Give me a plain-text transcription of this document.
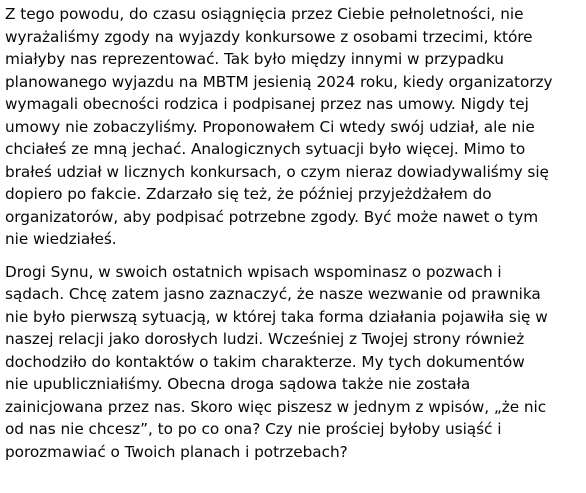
Z tego powodu, do czasu osiągnięcia przez Ciebie pełnoletności, nie
wyrażaliśmy zgody na wyjazdy konkursowe z osobami trzecimi, które
miałyby nas reprezentować. Tak było między innymi w przypadku
planowanego wyjazdu na MBTM jesienią 2024 roku, kiedy organizatorzy
wymagali obecności rodzica i podpisanej przez nas umowy. Nigdy tej
umowy nie zobaczyliśmy. Proponowałem Ci wtedy swój udział, ale nie
chciałeś ze mną jechać. Analogicznych sytuacji było więcej. Mimo to
brałeś udział w licznych konkursach, o czym nieraz dowiadywaliśmy się
dopiero po fakcie. Zdarzało się też, że później przyjeżdżałem do
organizatorów, aby podpisać potrzebne zgody. Być może nawet o tym
nie wiedziałeś.

Drogi Synu, w swoich ostatnich wpisach wspominasz o pozwach i
sądach. Chcę zatem jasno zaznaczyć, że nasze wezwanie od prawnika
nie było pierwszą sytuacją, w której taka forma działania pojawiła się w
naszej relacji jako dorosłych ludzi. Wcześniej z Twojej strony również
dochodziło do kontaktów o takim charakterze. My tych dokumentów
nie upubliczniałiśmy. Obecna droga sądowa także nie została
zainicjowana przez nas. Skoro więc piszesz w jednym z wpisów, „że nic
od nas nie chcesz”, to po co ona? Czy nie prościej byłoby usiąść i
porozmawiać o Twoich planach i potrzebach?
